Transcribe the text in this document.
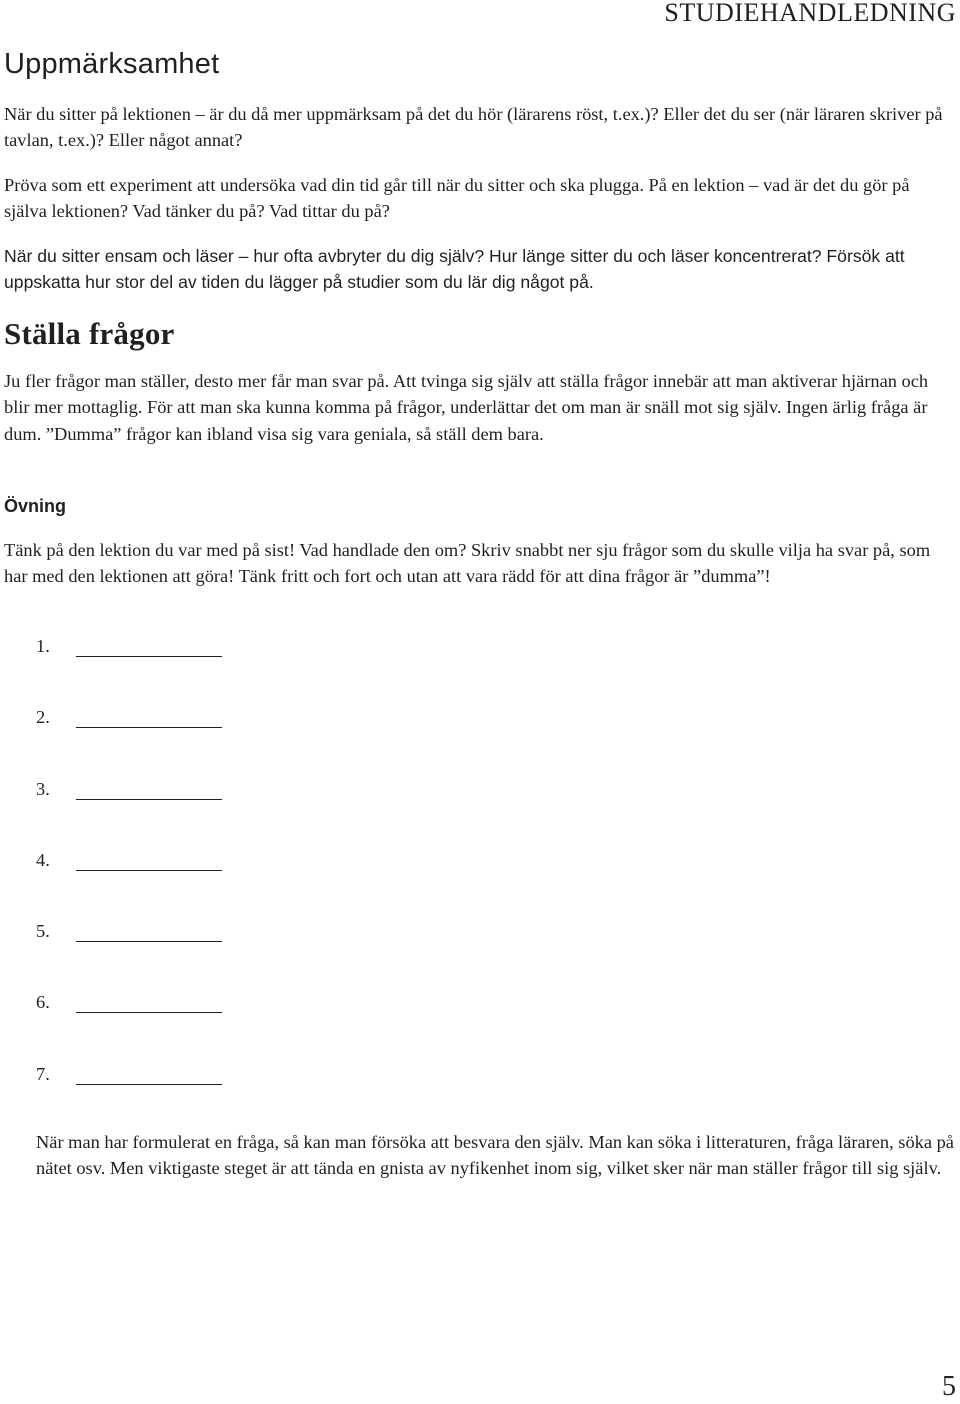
STUDIEHANDLEDNING
Uppmärksamhet

När du sitter på lektionen – är du då mer uppmärksam på det du hör (lärarens röst, t.ex.)? Eller det du ser (när läraren skriver på tavlan, t.ex.)? Eller något annat?

Pröva som ett experiment att undersöka vad din tid går till när du sitter och ska plugga. På en lektion – vad är det du gör på själva lektionen? Vad tänker du på? Vad tittar du på?

När du sitter ensam och läser – hur ofta avbryter du dig själv? Hur länge sitter du och läser koncentrerat? Försök att uppskatta hur stor del av tiden du lägger på studier som du lär dig något på.

Ställa frågor

Ju fler frågor man ställer, desto mer får man svar på. Att tvinga sig själv att ställa frågor innebär att man aktiverar hjärnan och blir mer mottaglig. För att man ska kunna komma på frågor, underlättar det om man är snäll mot sig själv. Ingen ärlig fråga är dum. ”Dumma” frågor kan ibland visa sig vara geniala, så ställ dem bara.

Övning

Tänk på den lektion du var med på sist! Vad handlade den om? Skriv snabbt ner sju frågor som du skulle vilja ha svar på, som har med den lektionen att göra! Tänk fritt och fort och utan att vara rädd för att dina frågor är ”dumma”!

1.
2.
3.
4.
5.
6.
7.

När man har formulerat en fråga, så kan man försöka att besvara den själv. Man kan söka i litteraturen, fråga läraren, söka på nätet osv. Men viktigaste steget är att tända en gnista av nyfikenhet inom sig, vilket sker när man ställer frågor till sig själv.

5
